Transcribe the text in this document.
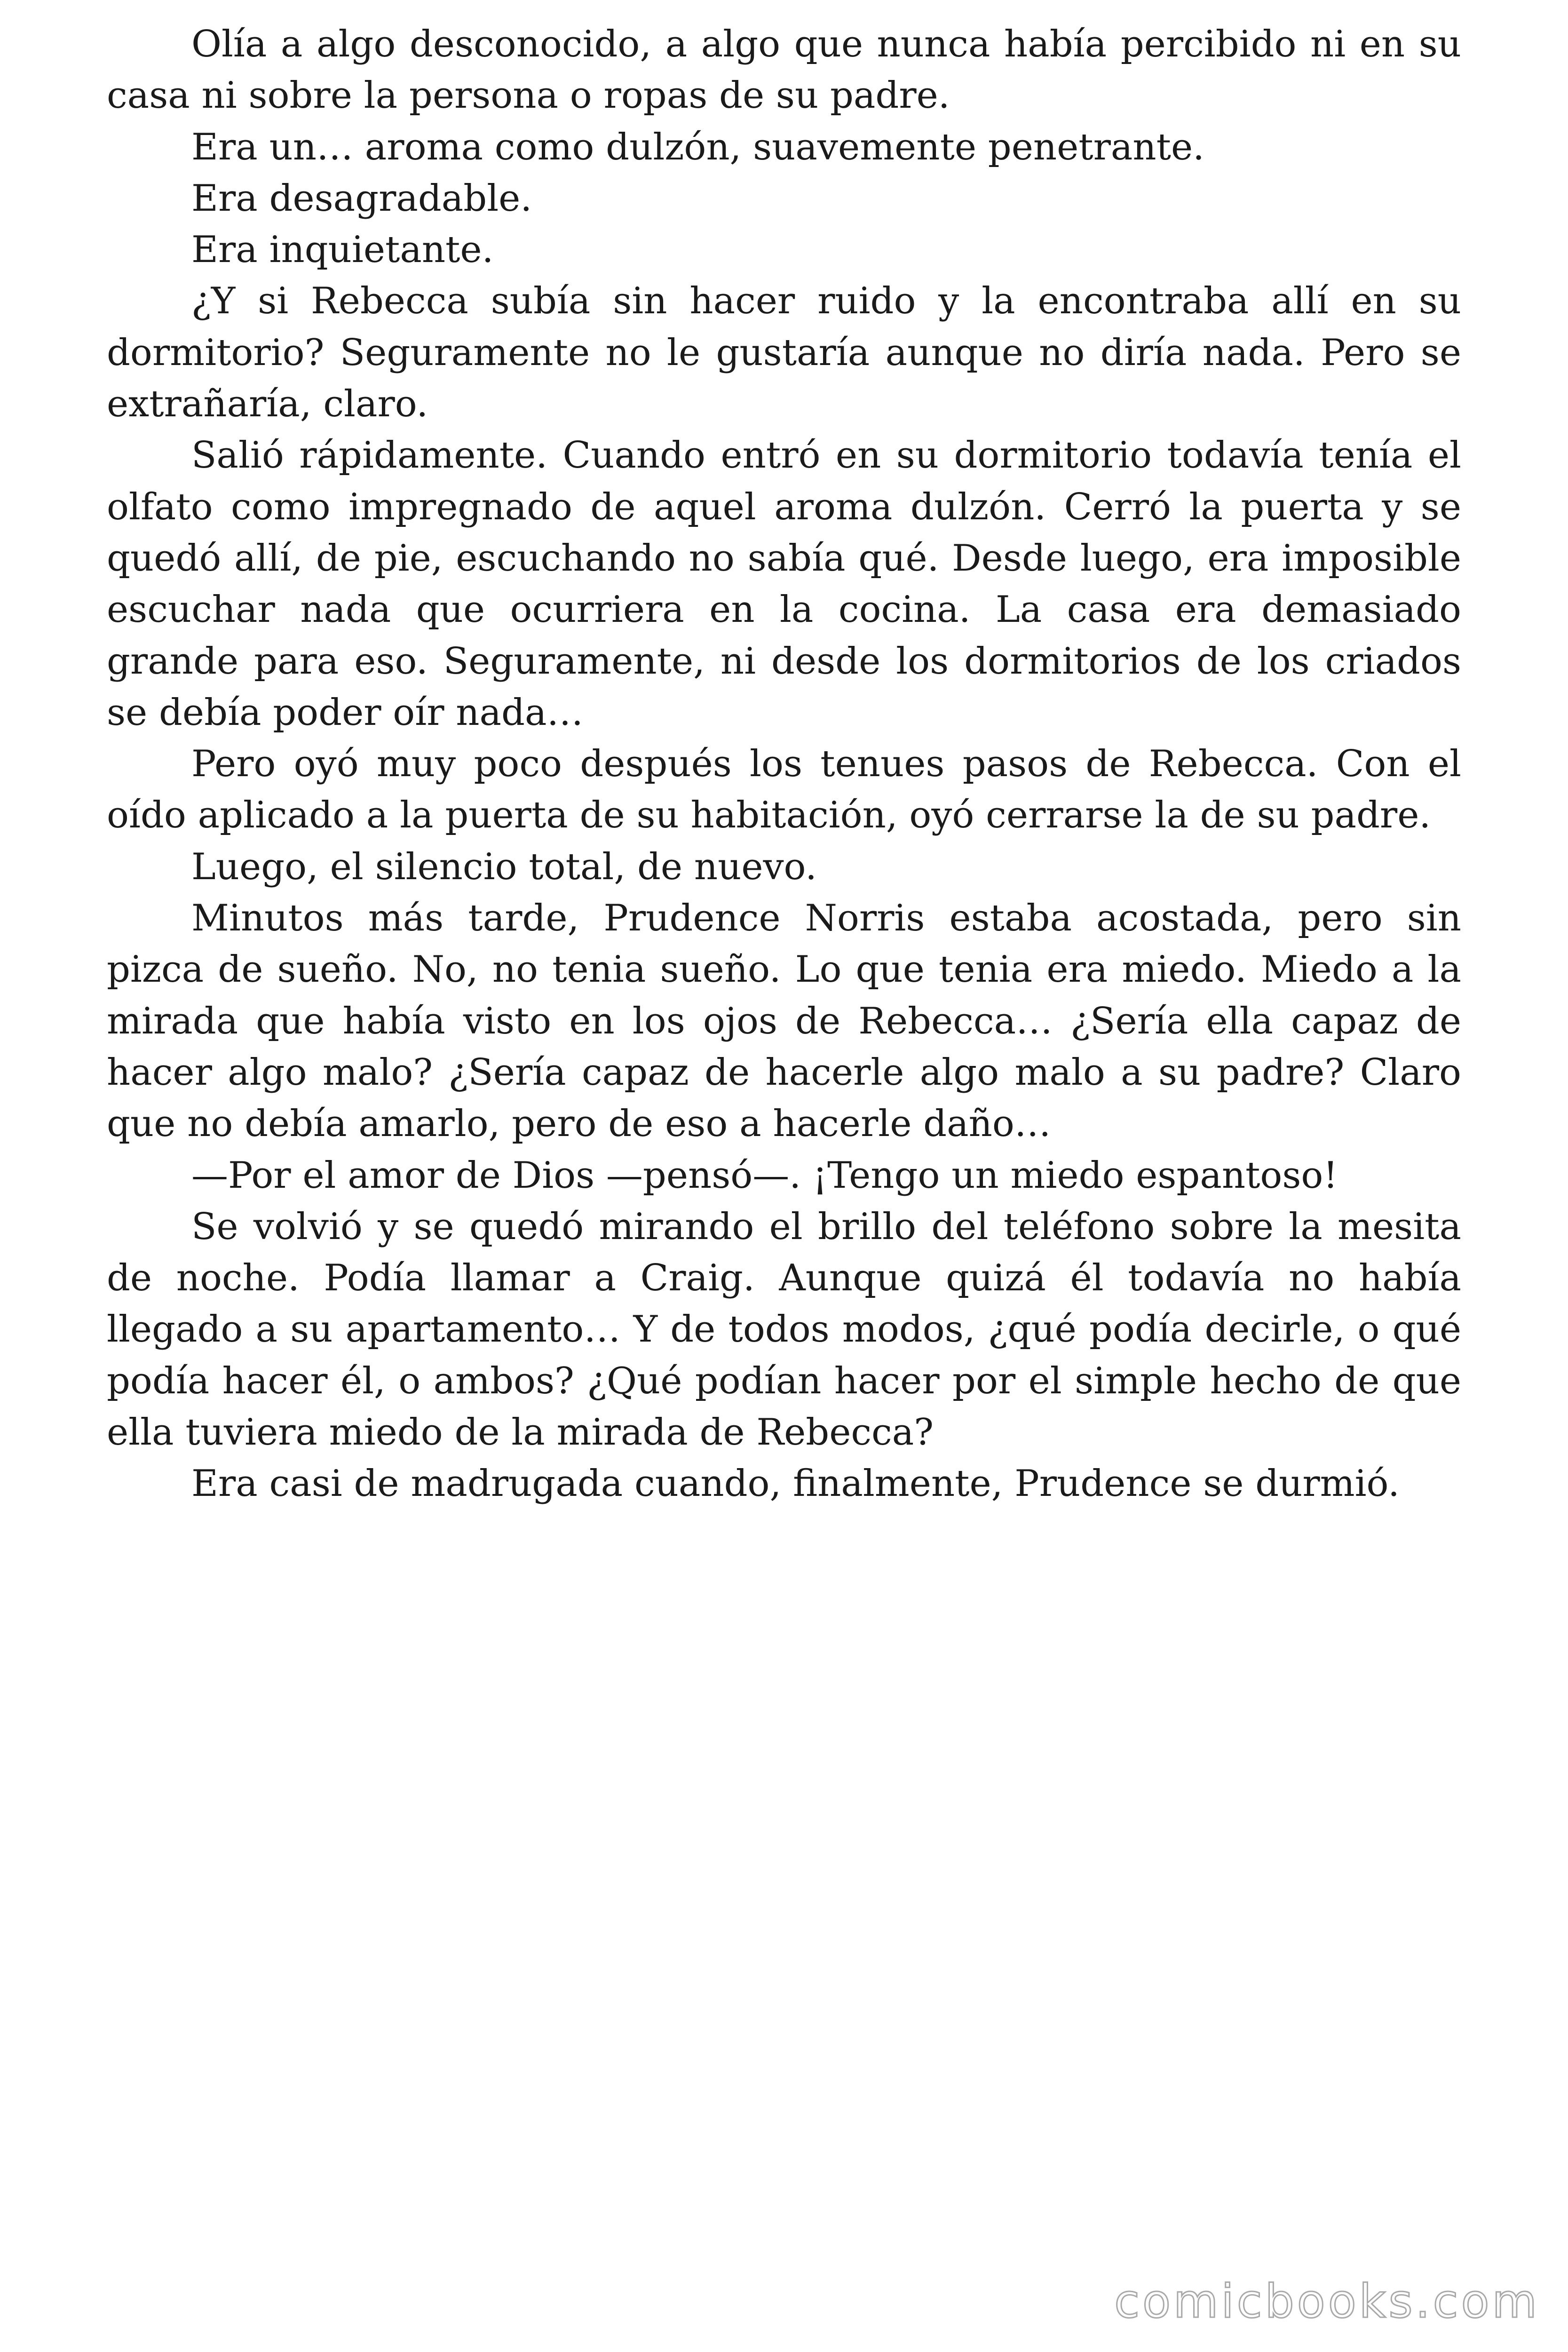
Olía a algo desconocido, a algo que nunca había percibido ni en su casa ni sobre la persona o ropas de su padre.

Era un… aroma como dulzón, suavemente penetrante.

Era desagradable.

Era inquietante.

¿Y si Rebecca subía sin hacer ruido y la encontraba allí en su dormitorio? Seguramente no le gustaría aunque no diría nada. Pero se extrañaría, claro.

Salió rápidamente. Cuando entró en su dormitorio todavía tenía el olfato como impregnado de aquel aroma dulzón. Cerró la puerta y se quedó allí, de pie, escuchando no sabía qué. Desde luego, era imposible escuchar nada que ocurriera en la cocina. La casa era demasiado grande para eso. Seguramente, ni desde los dormitorios de los criados se debía poder oír nada…

Pero oyó muy poco después los tenues pasos de Rebecca. Con el oído aplicado a la puerta de su habitación, oyó cerrarse la de su padre.

Luego, el silencio total, de nuevo.

Minutos más tarde, Prudence Norris estaba acostada, pero sin pizca de sueño. No, no tenia sueño. Lo que tenia era miedo. Miedo a la mirada que había visto en los ojos de Rebecca… ¿Sería ella capaz de hacer algo malo? ¿Sería capaz de hacerle algo malo a su padre? Claro que no debía amarlo, pero de eso a hacerle daño…

—Por el amor de Dios —pensó—. ¡Tengo un miedo espantoso!

Se volvió y se quedó mirando el brillo del teléfono sobre la mesita de noche. Podía llamar a Craig. Aunque quizá él todavía no había llegado a su apartamento… Y de todos modos, ¿qué podía decirle, o qué podía hacer él, o ambos? ¿Qué podían hacer por el simple hecho de que ella tuviera miedo de la mirada de Rebecca?

Era casi de madrugada cuando, finalmente, Prudence se durmió.

comicbooks.com
